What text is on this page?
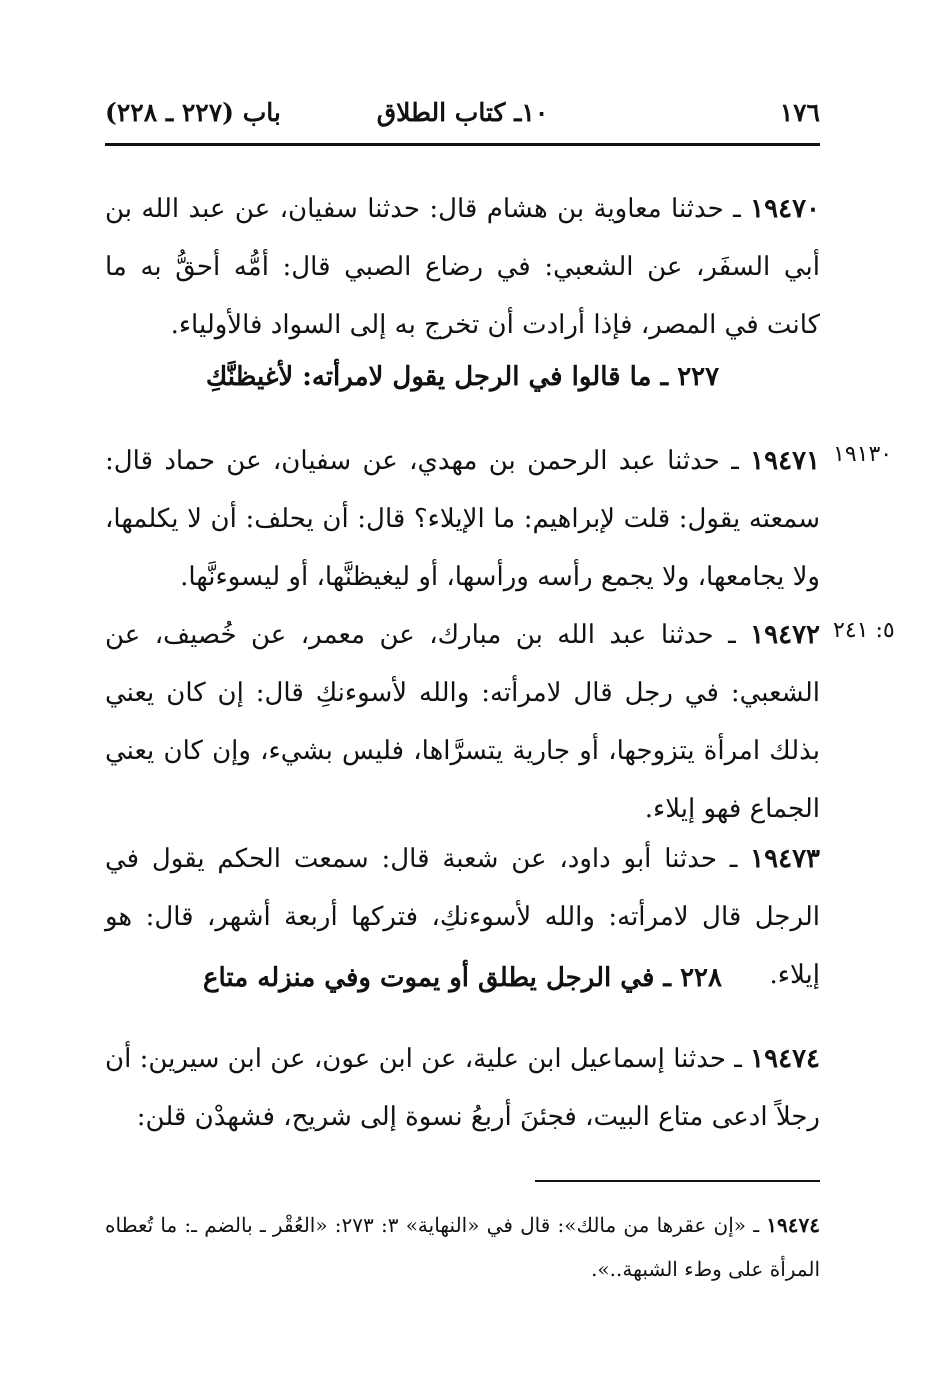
١٧٦
١٠ـ كتاب الطلاق
باب (٢٢٧ ـ ٢٢٨)
١٩٤٧٠ ـ حدثنا معاوية بن هشام قال: حدثنا سفيان، عن عبد الله بن أبي السفَر، عن الشعبي: في رضاع الصبي قال: أمُّه أحقُّ به ما كانت في المصر، فإذا أرادت أن تخرج به إلى السواد فالأولياء.
٢٢٧ ـ ما قالوا في الرجل يقول لامرأته: لأغيظنَّكِ
١٩١٣٠
١٩٤٧١ ـ حدثنا عبد الرحمن بن مهدي، عن سفيان، عن حماد قال: سمعته يقول: قلت لإبراهيم: ما الإيلاء؟ قال: أن يحلف: أن لا يكلمها، ولا يجامعها، ولا يجمع رأسه ورأسها، أو ليغيظنَّها، أو ليسوءنَّها.
٥: ٢٤١
١٩٤٧٢ ـ حدثنا عبد الله بن مبارك، عن معمر، عن خُصيف، عن الشعبي: في رجل قال لامرأته: والله لأسوءنكِ قال: إن كان يعني بذلك امرأة يتزوجها، أو جارية يتسرَّاها، فليس بشيء، وإن كان يعني الجماع فهو إيلاء.
١٩٤٧٣ ـ حدثنا أبو داود، عن شعبة قال: سمعت الحكم يقول في الرجل قال لامرأته: والله لأسوءنكِ، فتركها أربعة أشهر، قال: هو إيلاء.
٢٢٨ ـ في الرجل يطلق أو يموت وفي منزله متاع
١٩٤٧٤ ـ حدثنا إسماعيل ابن علية، عن ابن عون، عن ابن سيرين: أن رجلاً ادعى متاع البيت، فجئنَ أربعُ نسوة إلى شريح، فشهدْن قلن:
١٩٤٧٤ ـ «إن عقرها من مالك»: قال في «النهاية» ٣: ٢٧٣: «العُقْر ـ بالضم ـ: ما تُعطاه المرأة على وطء الشبهة..».
